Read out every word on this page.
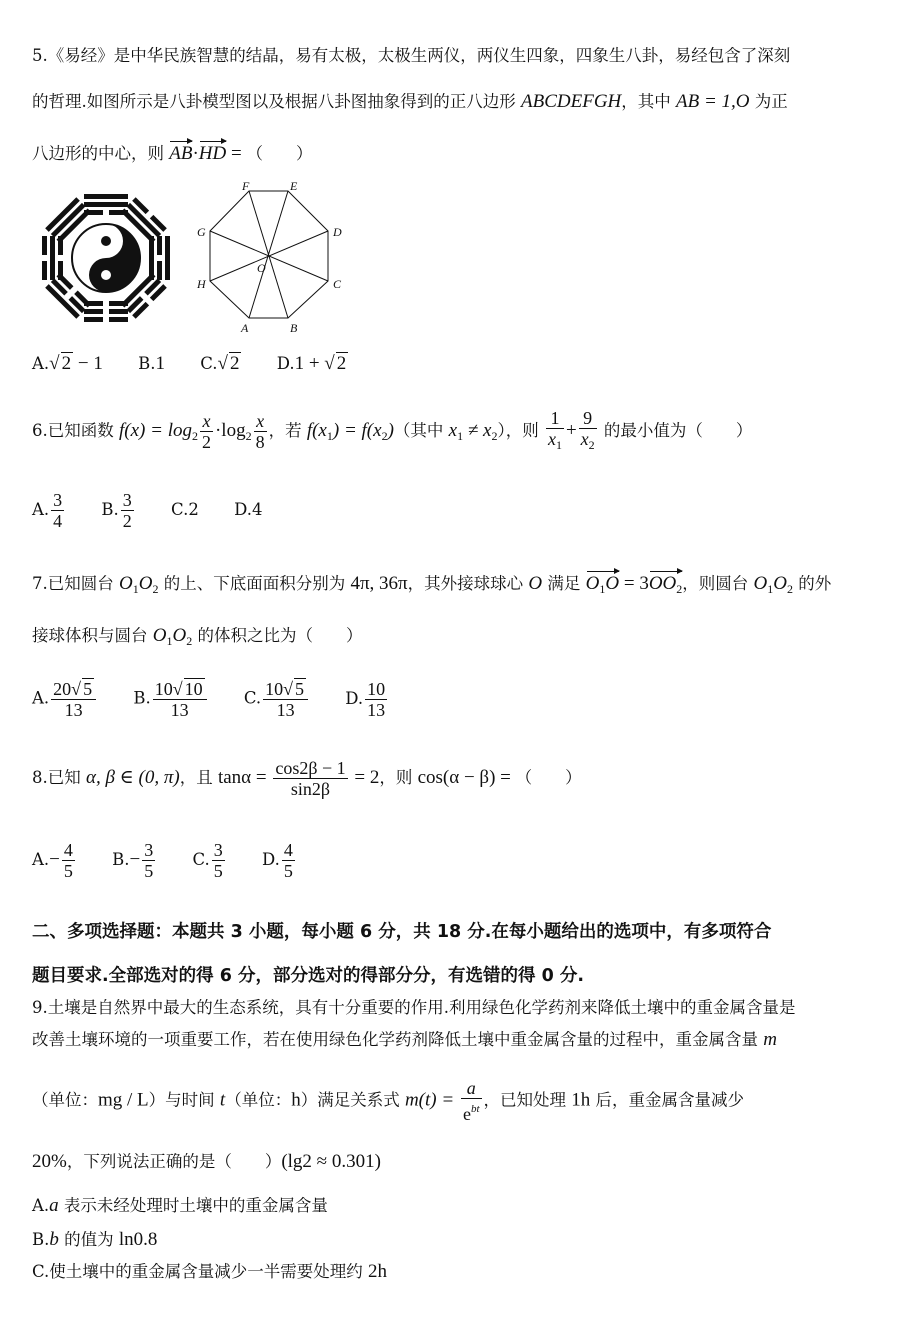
5.《易经》是中华民族智慧的结晶，易有太极，太极生两仪，两仪生四象，四象生八卦，易经包含了深刻
的哲理.如图所示是八卦模型图以及根据八卦图抽象得到的正八边形 ABCDEFGH，其中 AB = 1,O 为正
八边形的中心，则 AB·HD = （　　）
A	B
C
D
E
F
G
H
O
A. √ 2 − 1 B.1 C. √ 2 D.1 + √ 2
6.已知函数 $f(x) = \log_2 \frac{x}{2} \cdot\log_2 \frac{x}{8}$ ，若 $f(x_1) = f(x_2)$（其中 $x_1 \ne x_2$），则 $\frac{1}{x_1} + \frac{9}{x_2}$ 的最小值为（　　）
A. $\frac{3}{4} B$. $\frac{3}{2} C.2$ D.4
7.已知圆台 $O_1O_2$ 的上、下底面面积分别为 4π, 36π，其外接球球心 O 满足 $O_1O = 3OO_2$，则圆台 $O_1O_2$ 的外
接球体积与圆台 $O_1O_2$ 的体积之比为（　　）
A. $\frac{20 √ 5}{13} B$. $\frac{10 √ 10}{13} C$. $\frac{10 √ 5}{13} D$. $\frac{10}{13}$
8.已知 α, β ∈ (0, π)，且 $\tan\alpha = \frac{\cos 2\beta - 1}{\sin 2\beta} = 2$，则 cos(α − β) = （　　）
$A.- \frac{4}{5} B.- \frac{3}{5} C$. $\frac{3}{5} D$. $\frac{4}{5}$
二、多项选择题：本题共 3 小题，每小题 6 分，共 18 分.在每小题给出的选项中，有多项符合
题目要求.全部选对的得 6 分，部分选对的得部分分，有选错的得 0 分.
9.土壤是自然界中最大的生态系统，具有十分重要的作用.利用绿色化学药剂来降低土壤中的重金属含量是
改善土壤环境的一项重要工作，若在使用绿色化学药剂降低土壤中重金属含量的过程中，重金属含量 m
（单位：mg / L）与时间 t（单位：h）满足关系式 $m(t) = \frac{a}{e^{bt}}$ ，已知处理 1h 后，重金属含量减少
20%，下列说法正确的是（　　）(lg2 ≈ 0.301)
A.a 表示未经处理时土壤中的重金属含量
B.b 的值为 ln0.8
C.使土壤中的重金属含量减少一半需要处理约 2h
